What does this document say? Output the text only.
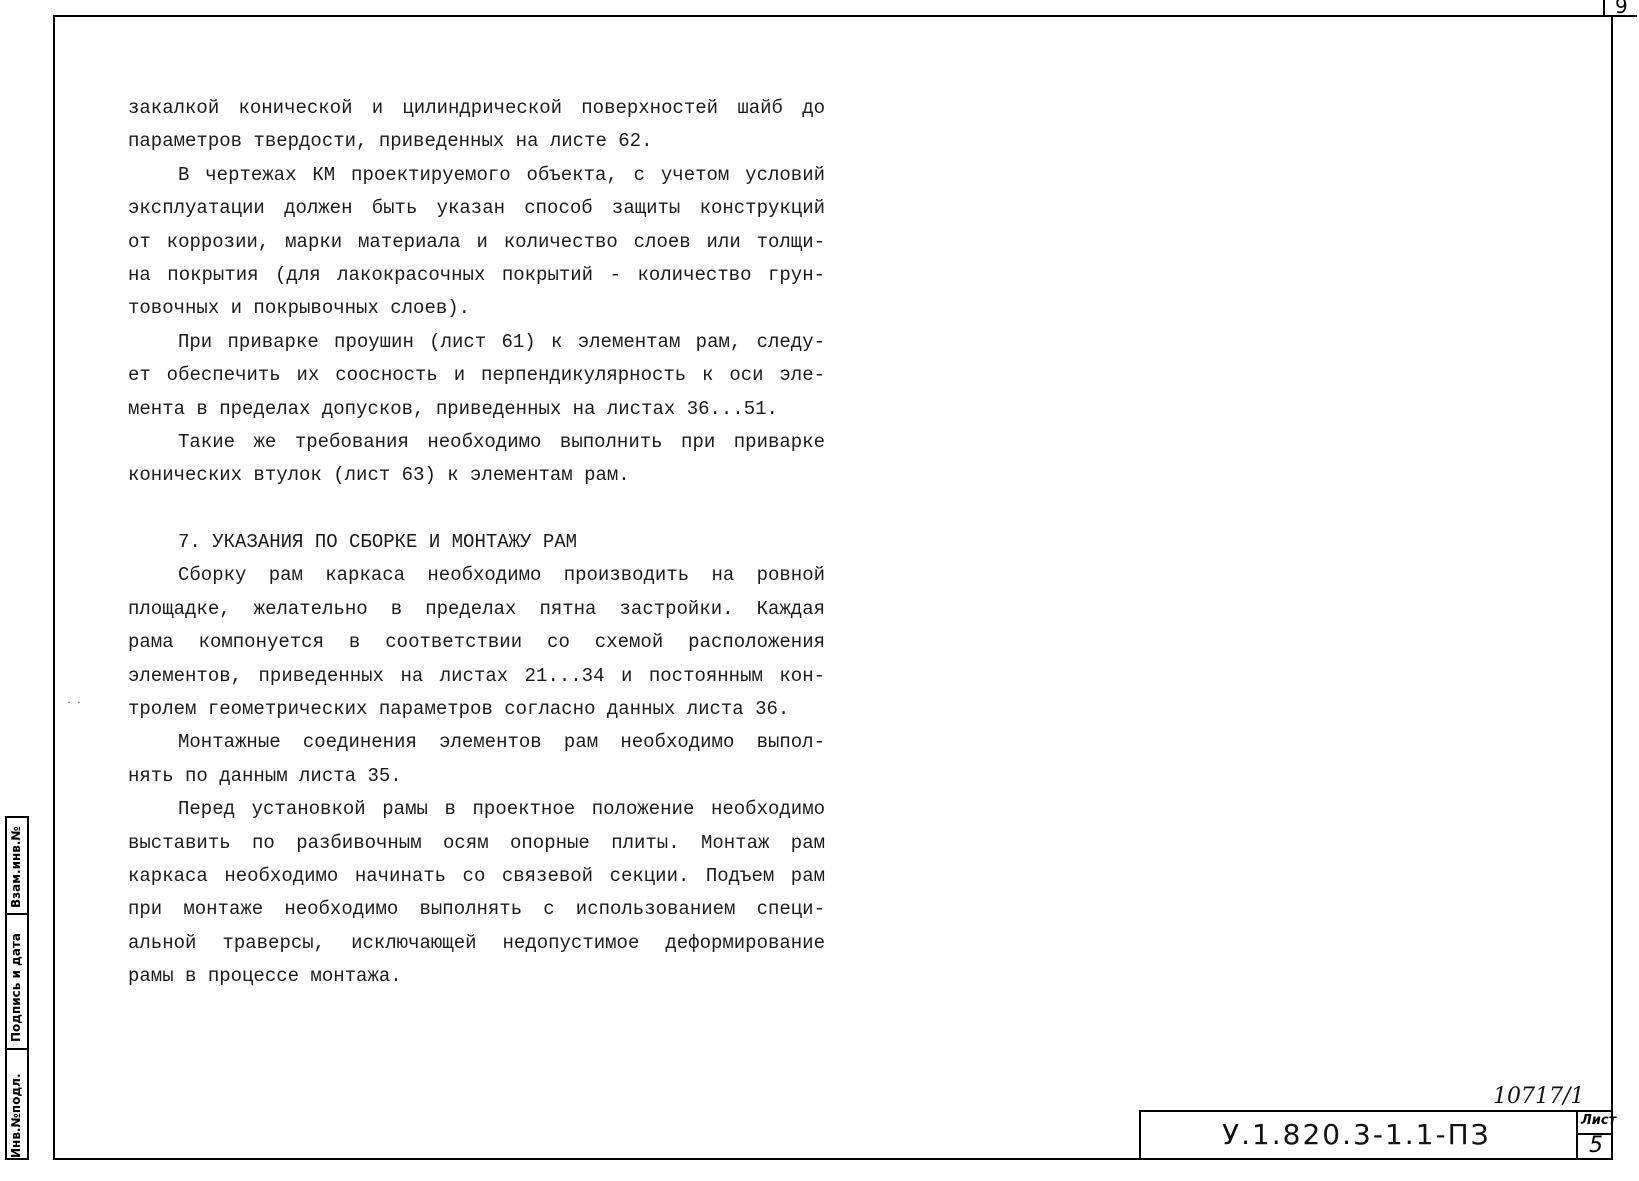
9
закалкой конической и цилиндрической поверхностей шайб до
параметров твердости, приведенных на листе 62.
В чертежах КМ проектируемого объекта, с учетом условий
эксплуатации должен быть указан способ защиты конструкций
от коррозии, марки материала и количество слоев или толщи-
на покрытия (для лакокрасочных покрытий - количество грун-
товочных и покрывочных слоев).
При приварке проушин (лист 61) к элементам рам, следу-
ет обеспечить их соосность и перпендикулярность к оси эле-
мента в пределах допусков, приведенных на листах 36...51.
Такие же требования необходимо выполнить при приварке
конических втулок (лист 63) к элементам рам.
7. УКАЗАНИЯ ПО СБОРКЕ И МОНТАЖУ РАМ
Сборку рам каркаса необходимо производить на ровной
площадке, желательно в пределах пятна застройки. Каждая
рама компонуется в соответствии со схемой расположения
элементов, приведенных на листах 21...34 и постоянным кон-
тролем геометрических параметров согласно данных листа 36.
Монтажные соединения элементов рам необходимо выпол-
нять по данным листа 35.
Перед установкой рамы в проектное положение необходимо
выставить по разбивочным осям опорные плиты. Монтаж рам
каркаса необходимо начинать со связевой секции. Подъем рам
при монтаже необходимо выполнять с использованием специ-
альной траверсы, исключающей недопустимое деформирование
рамы в процессе монтажа.
˙ ˙
Инв.№подл.
Подпись и дата
Взам.инв.№
10717/1
У.1.820.3-1.1-ПЗ	Лист
5
